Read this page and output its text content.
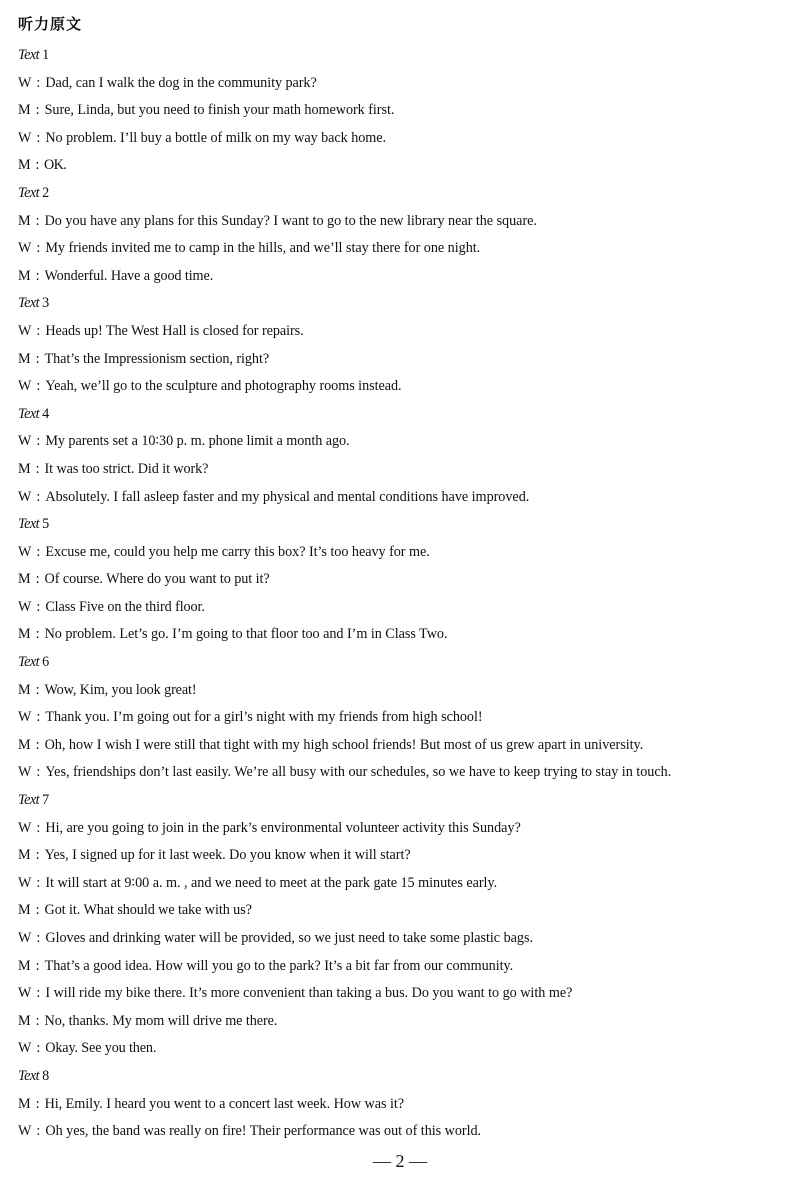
听力原文
Text 1
W : Dad, can I walk the dog in the community park?
M : Sure, Linda, but you need to finish your math homework first.
W : No problem. I’ll buy a bottle of milk on my way back home.
M : OK.
Text 2
M : Do you have any plans for this Sunday? I want to go to the new library near the square.
W : My friends invited me to camp in the hills, and we’ll stay there for one night.
M : Wonderful. Have a good time.
Text 3
W : Heads up! The West Hall is closed for repairs.
M : That’s the Impressionism section, right?
W : Yeah, we’ll go to the sculpture and photography rooms instead.
Text 4
W : My parents set a 10∶30 p. m. phone limit a month ago.
M : It was too strict. Did it work?
W : Absolutely. I fall asleep faster and my physical and mental conditions have improved.
Text 5
W : Excuse me, could you help me carry this box? It’s too heavy for me.
M : Of course. Where do you want to put it?
W : Class Five on the third floor.
M : No problem. Let’s go. I’m going to that floor too and I’m in Class Two.
Text 6
M : Wow, Kim, you look great!
W : Thank you. I’m going out for a girl’s night with my friends from high school!
M : Oh, how I wish I were still that tight with my high school friends! But most of us grew apart in university.
W : Yes, friendships don’t last easily. We’re all busy with our schedules, so we have to keep trying to stay in touch.
Text 7
W : Hi, are you going to join in the park’s environmental volunteer activity this Sunday?
M : Yes, I signed up for it last week. Do you know when it will start?
W : It will start at 9∶00 a. m. , and we need to meet at the park gate 15 minutes early.
M : Got it. What should we take with us?
W : Gloves and drinking water will be provided, so we just need to take some plastic bags.
M : That’s a good idea. How will you go to the park? It’s a bit far from our community.
W : I will ride my bike there. It’s more convenient than taking a bus. Do you want to go with me?
M : No, thanks. My mom will drive me there.
W : Okay. See you then.
Text 8
M : Hi, Emily. I heard you went to a concert last week. How was it?
W : Oh yes, the band was really on fire! Their performance was out of this world.
— 2 —
